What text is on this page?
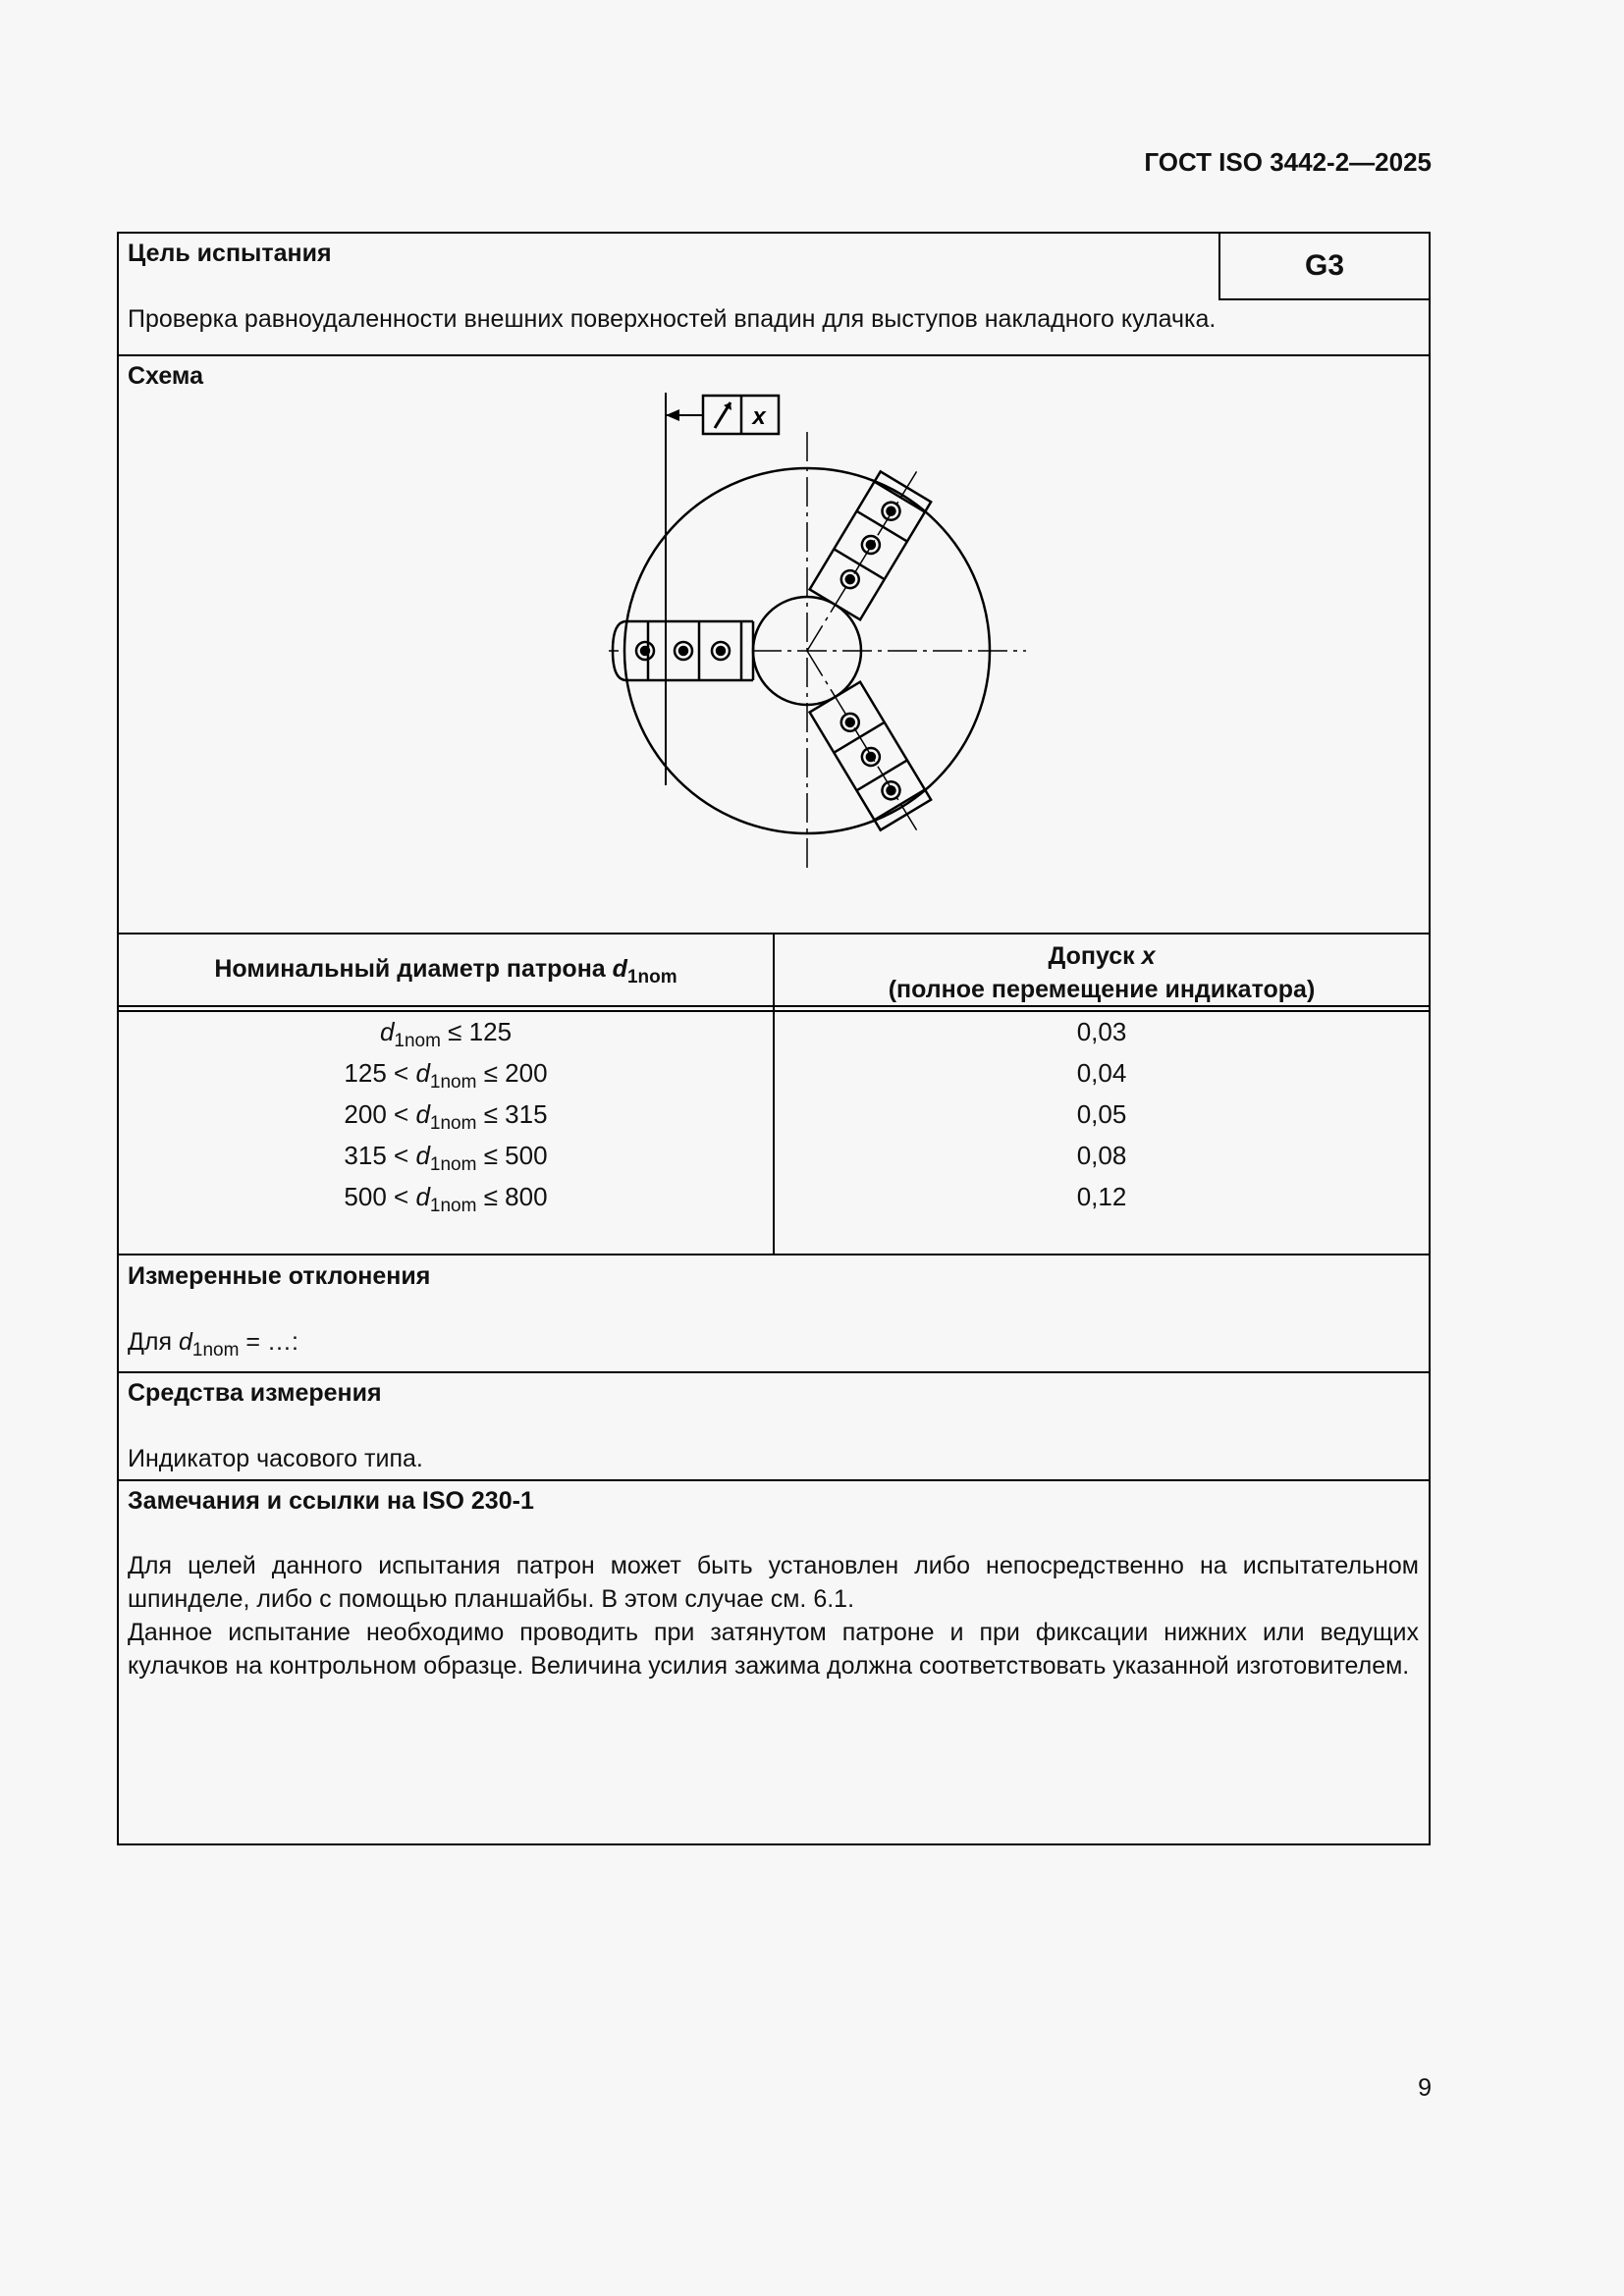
ГОСТ ISO 3442-2—2025
Цель испытания	G3
Проверка равноудаленности внешних поверхностей впадин для выступов накладного кулачка.
Схема
x
Номинальный диаметр патрона $d_{1nom}$
Допуск x
(полное перемещение индикатора)
$d_{1nom} \le 125$
$125 < d_{1nom} \le 200$
$200 < d_{1nom} \le 315$
$315 < d_{1nom} \le 500$
$500 < d_{1nom} \le 800$
0,03
0,04
0,05
0,08
0,12
Измеренные отклонения
Для $d_{1nom}$ = …:
Средства измерения
Индикатор часового типа.
Замечания и ссылки на ISO 230-1

Для целей данного испытания патрон может быть установлен либо непосредственно на испытательном шпинделе, либо с помощью планшайбы. В этом случае см. 6.1.

Данное испытание необходимо проводить при затянутом патроне и при фиксации нижних или ведущих кулачков на контрольном образце. Величина усилия зажима должна соответствовать указанной изготовителем.

9
